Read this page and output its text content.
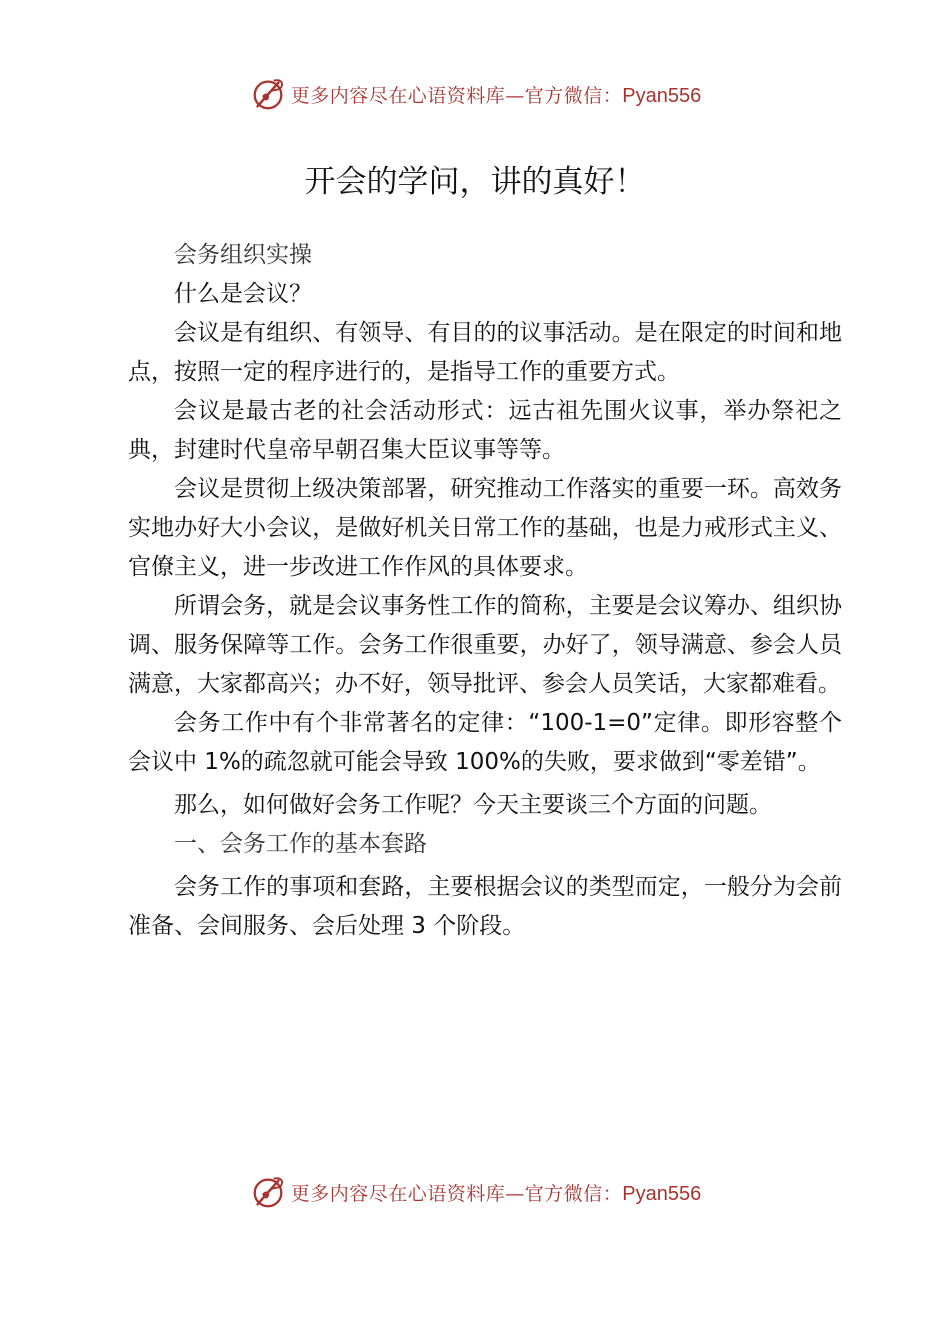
更多内容尽在心语资料库—官方微信：Pyan556
开会的学问，讲的真好！

会务组织实操

什么是会议？

会议是有组织、有领导、有目的的议事活动。是在限定的时间和地点，按照一定的程序进行的，是指导工作的重要方式。

会议是最古老的社会活动形式：远古祖先围火议事，举办祭祀之典，封建时代皇帝早朝召集大臣议事等等。

会议是贯彻上级决策部署，研究推动工作落实的重要一环。高效务实地办好大小会议，是做好机关日常工作的基础，也是力戒形式主义、官僚主义，进一步改进工作作风的具体要求。

所谓会务，就是会议事务性工作的简称，主要是会议筹办、组织协调、服务保障等工作。会务工作很重要，办好了，领导满意、参会人员满意，大家都高兴；办不好，领导批评、参会人员笑话，大家都难看。

会务工作中有个非常著名的定律：“100-1=0”定律。即形容整个会议中 1%的疏忽就可能会导致 100%的失败，要求做到“零差错”。

那么，如何做好会务工作呢？今天主要谈三个方面的问题。

一、会务工作的基本套路

会务工作的事项和套路，主要根据会议的类型而定，一般分为会前准备、会间服务、会后处理 3 个阶段。

更多内容尽在心语资料库—官方微信：Pyan556
